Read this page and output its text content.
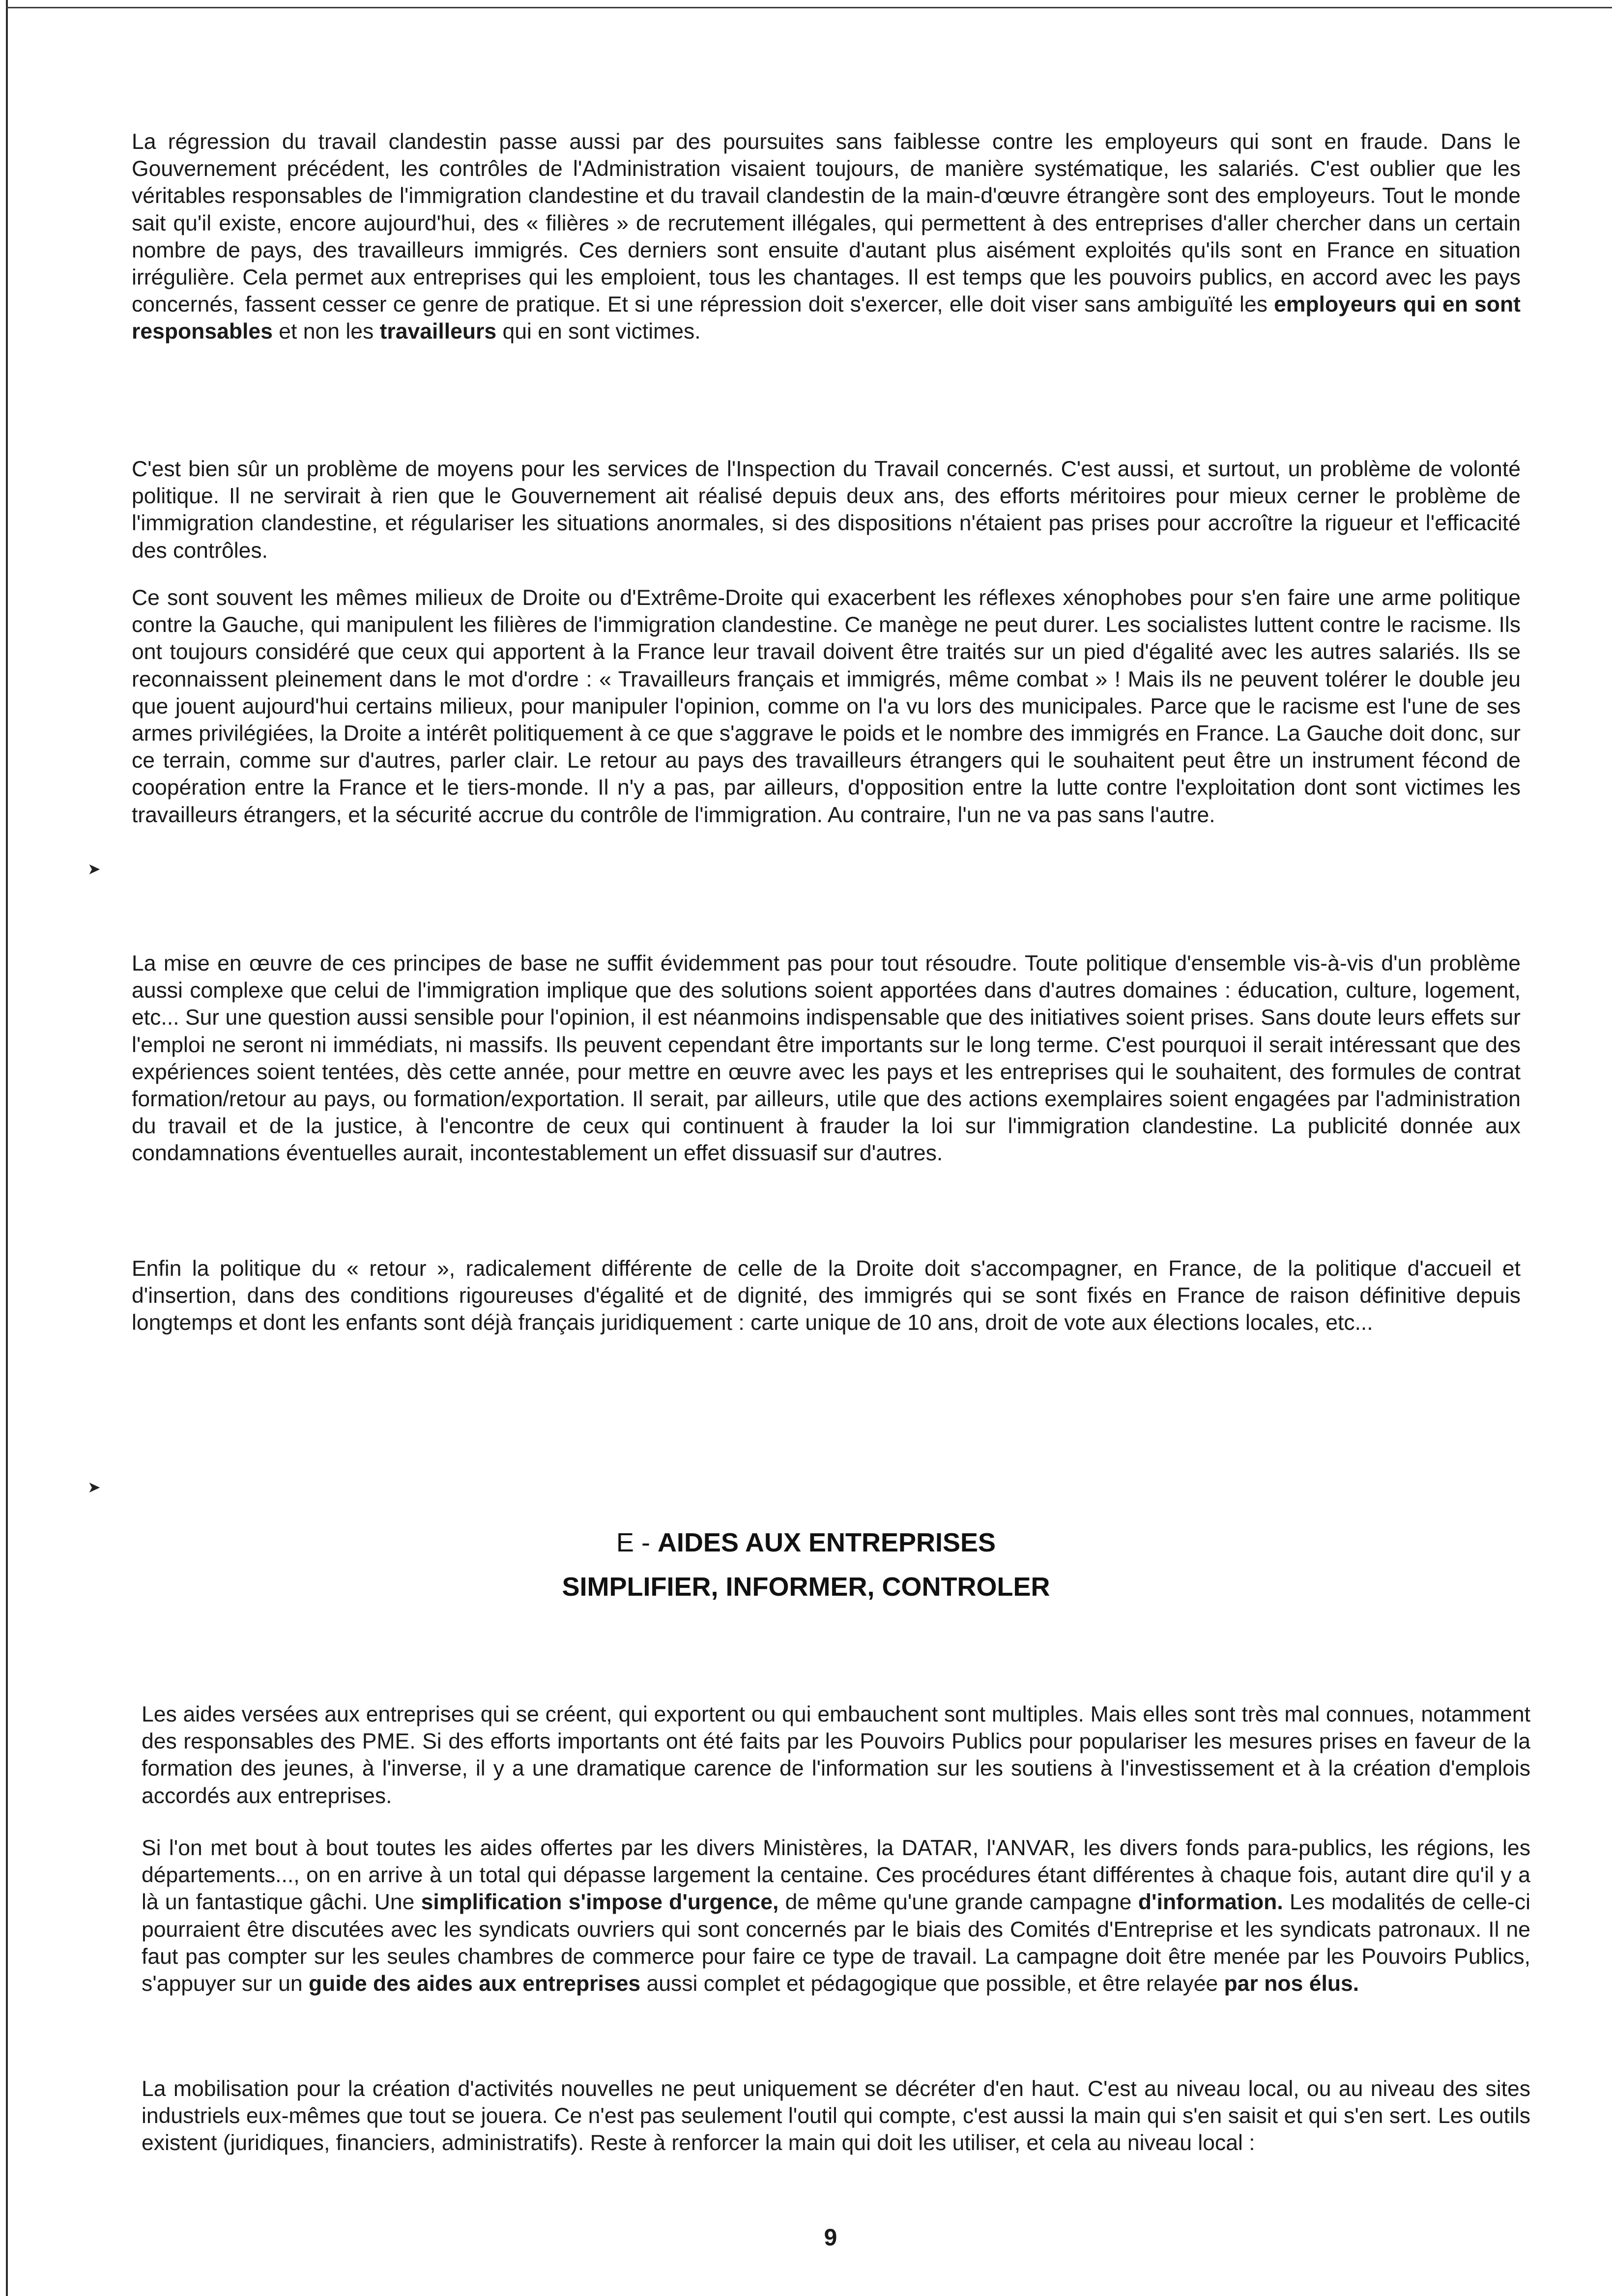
La régression du travail clandestin passe aussi par des poursuites sans faiblesse contre les employeurs qui sont en fraude. Dans le Gouvernement précédent, les contrôles de l'Administration visaient toujours, de manière systématique, les salariés. C'est oublier que les véritables responsables de l'immigration clandestine et du travail clandestin de la main-d'œuvre étrangère sont des employeurs. Tout le monde sait qu'il existe, encore aujourd'hui, des « filières » de recrutement illégales, qui permettent à des entreprises d'aller chercher dans un certain nombre de pays, des travailleurs immigrés. Ces derniers sont ensuite d'autant plus aisément exploités qu'ils sont en France en situation irrégulière. Cela permet aux entreprises qui les emploient, tous les chantages. Il est temps que les pouvoirs publics, en accord avec les pays concernés, fassent cesser ce genre de pratique. Et si une répression doit s'exercer, elle doit viser sans ambiguïté les employeurs qui en sont responsables et non les travailleurs qui en sont victimes.

C'est bien sûr un problème de moyens pour les services de l'Inspection du Travail concernés. C'est aussi, et surtout, un problème de volonté politique. Il ne servirait à rien que le Gouvernement ait réalisé depuis deux ans, des efforts méritoires pour mieux cerner le problème de l'immigration clandestine, et régulariser les situations anormales, si des dispositions n'étaient pas prises pour accroître la rigueur et l'efficacité des contrôles.

Ce sont souvent les mêmes milieux de Droite ou d'Extrême-Droite qui exacerbent les réflexes xénophobes pour s'en faire une arme politique contre la Gauche, qui manipulent les filières de l'immigration clandestine. Ce manège ne peut durer. Les socialistes luttent contre le racisme. Ils ont toujours considéré que ceux qui apportent à la France leur travail doivent être traités sur un pied d'égalité avec les autres salariés. Ils se reconnaissent pleinement dans le mot d'ordre : « Travailleurs français et immigrés, même combat » ! Mais ils ne peuvent tolérer le double jeu que jouent aujourd'hui certains milieux, pour manipuler l'opinion, comme on l'a vu lors des municipales. Parce que le racisme est l'une de ses armes privilégiées, la Droite a intérêt politiquement à ce que s'aggrave le poids et le nombre des immigrés en France. La Gauche doit donc, sur ce terrain, comme sur d'autres, parler clair. Le retour au pays des travailleurs étrangers qui le souhaitent peut être un instrument fécond de coopération entre la France et le tiers-monde. Il n'y a pas, par ailleurs, d'opposition entre la lutte contre l'exploitation dont sont victimes les travailleurs étrangers, et la sécurité accrue du contrôle de l'immigration. Au contraire, l'un ne va pas sans l'autre.

La mise en œuvre de ces principes de base ne suffit évidemment pas pour tout résoudre. Toute politique d'ensemble vis-à-vis d'un problème aussi complexe que celui de l'immigration implique que des solutions soient apportées dans d'autres domaines : éducation, culture, logement, etc... Sur une question aussi sensible pour l'opinion, il est néanmoins indispensable que des initiatives soient prises. Sans doute leurs effets sur l'emploi ne seront ni immédiats, ni massifs. Ils peuvent cependant être importants sur le long terme. C'est pourquoi il serait intéressant que des expériences soient tentées, dès cette année, pour mettre en œuvre avec les pays et les entreprises qui le souhaitent, des formules de contrat formation/retour au pays, ou formation/exportation. Il serait, par ailleurs, utile que des actions exemplaires soient engagées par l'administration du travail et de la justice, à l'encontre de ceux qui continuent à frauder la loi sur l'immigration clandestine. La publicité donnée aux condamnations éventuelles aurait, incontestablement un effet dissuasif sur d'autres.

Enfin la politique du « retour », radicalement différente de celle de la Droite doit s'accompagner, en France, de la politique d'accueil et d'insertion, dans des conditions rigoureuses d'égalité et de dignité, des immigrés qui se sont fixés en France de raison définitive depuis longtemps et dont les enfants sont déjà français juridiquement : carte unique de 10 ans, droit de vote aux élections locales, etc...

➤
➤
E - AIDES AUX ENTREPRISES
SIMPLIFIER, INFORMER, CONTROLER

Les aides versées aux entreprises qui se créent, qui exportent ou qui embauchent sont multiples. Mais elles sont très mal connues, notamment des responsables des PME. Si des efforts importants ont été faits par les Pouvoirs Publics pour populariser les mesures prises en faveur de la formation des jeunes, à l'inverse, il y a une dramatique carence de l'information sur les soutiens à l'investissement et à la création d'emplois accordés aux entreprises.

Si l'on met bout à bout toutes les aides offertes par les divers Ministères, la DATAR, l'ANVAR, les divers fonds para-publics, les régions, les départements..., on en arrive à un total qui dépasse largement la centaine. Ces procédures étant différentes à chaque fois, autant dire qu'il y a là un fantastique gâchi. Une simplification s'impose d'urgence, de même qu'une grande campagne d'information. Les modalités de celle-ci pourraient être discutées avec les syndicats ouvriers qui sont concernés par le biais des Comités d'Entreprise et les syndicats patronaux. Il ne faut pas compter sur les seules chambres de commerce pour faire ce type de travail. La campagne doit être menée par les Pouvoirs Publics, s'appuyer sur un guide des aides aux entreprises aussi complet et pédagogique que possible, et être relayée par nos élus.

La mobilisation pour la création d'activités nouvelles ne peut uniquement se décréter d'en haut. C'est au niveau local, ou au niveau des sites industriels eux-mêmes que tout se jouera. Ce n'est pas seulement l'outil qui compte, c'est aussi la main qui s'en saisit et qui s'en sert. Les outils existent (juridiques, financiers, administratifs). Reste à renforcer la main qui doit les utiliser, et cela au niveau local :

9
